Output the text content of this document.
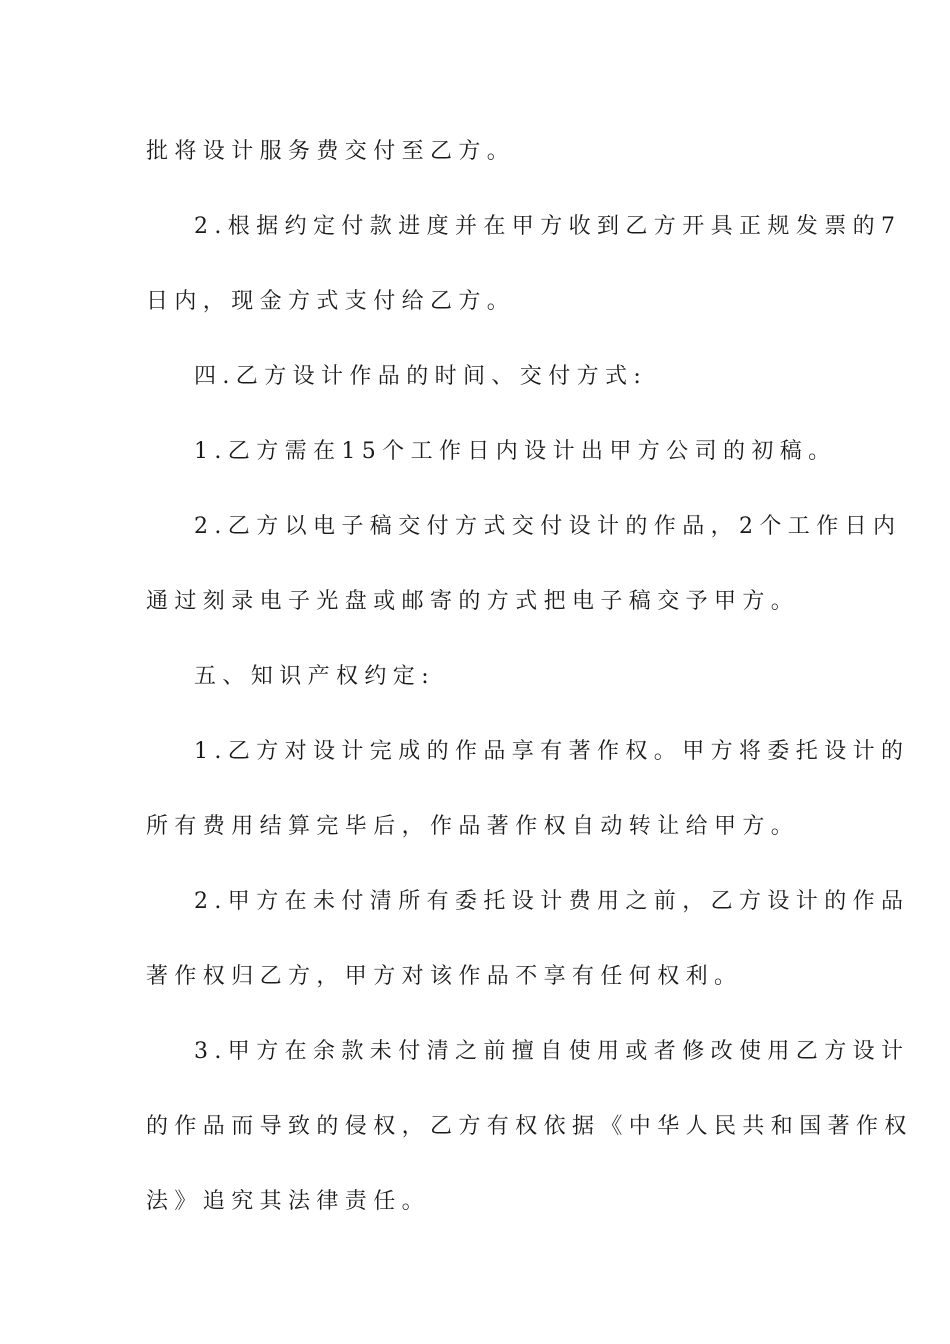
批将设计服务费交付至乙方。
2.根据约定付款进度并在甲方收到乙方开具正规发票的7
日内，现金方式支付给乙方。
四.乙方设计作品的时间、交付方式:
1.乙方需在15个工作日内设计出甲方公司的初稿。
2.乙方以电子稿交付方式交付设计的作品，2个工作日内
通过刻录电子光盘或邮寄的方式把电子稿交予甲方。
五、知识产权约定:
1.乙方对设计完成的作品享有著作权。甲方将委托设计的
所有费用结算完毕后，作品著作权自动转让给甲方。
2.甲方在未付清所有委托设计费用之前，乙方设计的作品
著作权归乙方，甲方对该作品不享有任何权利。
3.甲方在余款未付清之前擅自使用或者修改使用乙方设计
的作品而导致的侵权，乙方有权依据《中华人民共和国著作权
法》追究其法律责任。
